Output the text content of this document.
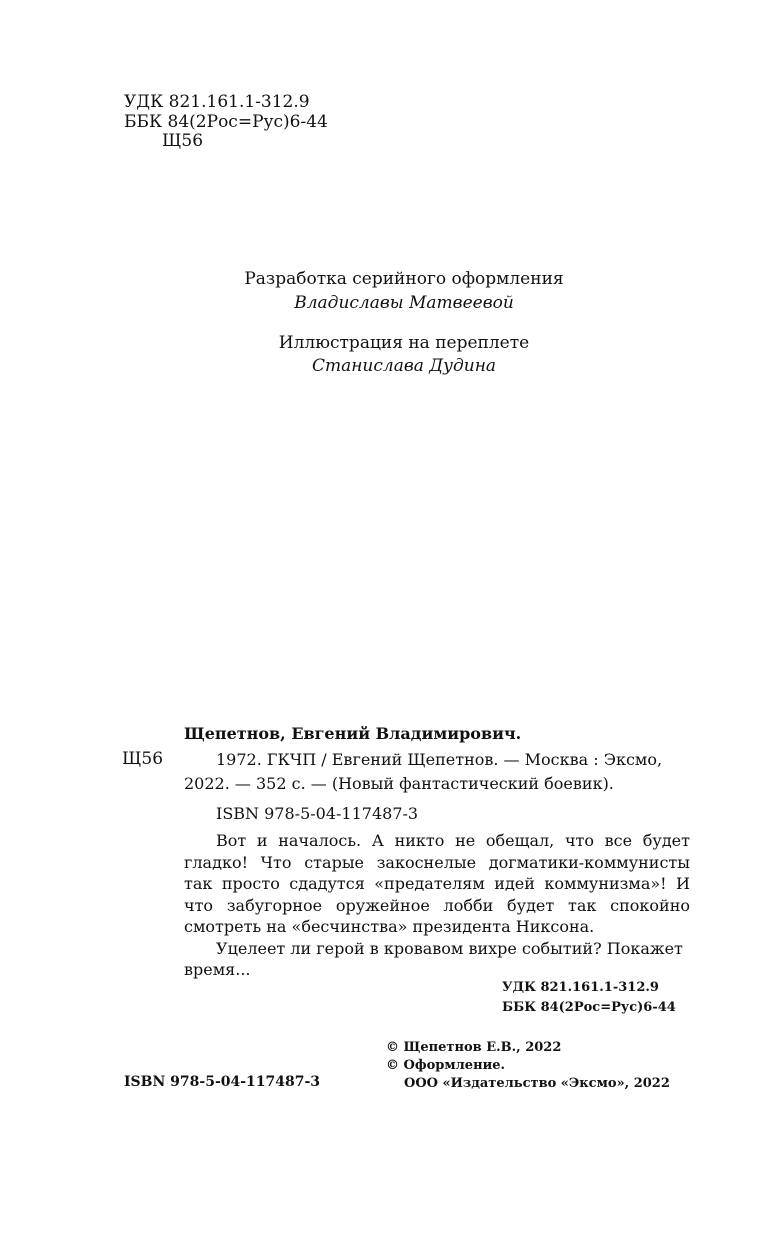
УДК 821.161.1-312.9
ББК 84(2Рос=Рус)6-44
Щ56
Разработка серийного оформления
Владиславы Матвеевой
Иллюстрация на переплете
Станислава Дудина
Щепетнов, Евгений Владимирович.
Щ56	1972. ГКЧП / Евгений Щепетнов. — Москва : Эксмо,
2022. — 352 с. — (Новый фантастический боевик).
ISBN 978-5-04-117487-3

Вот и началось. А никто не обещал, что все будет гладко! Что старые закоснелые догматики-коммунисты так просто сдадутся «предателям идей коммунизма»! И что забугорное оружейное лобби будет так спокойно смотреть на «бесчинства» президента Никсона.

Уцелеет ли герой в кровавом вихре событий? Покажет время...

УДК 821.161.1-312.9
ББК 84(2Рос=Рус)6-44
© Щепетнов Е.В., 2022
© Оформление.
ООО «Издательство «Эксмо», 2022
ISBN 978-5-04-117487-3
